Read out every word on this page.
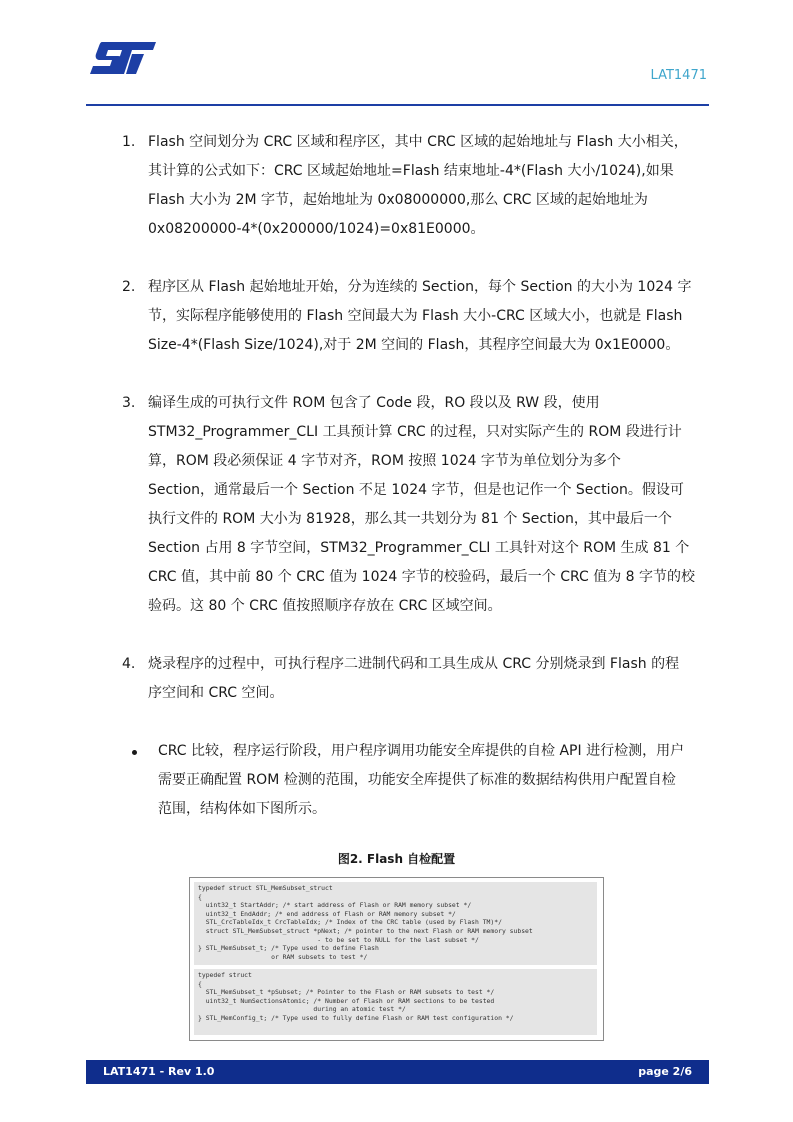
LAT1471
1. Flash 空间划分为 CRC 区域和程序区，其中 CRC 区域的起始地址与 Flash 大小相关，
其计算的公式如下：CRC 区域起始地址=Flash 结束地址-4*(Flash 大小/1024),如果
Flash 大小为 2M 字节，起始地址为 0x08000000,那么 CRC 区域的起始地址为
0x08200000-4*(0x200000/1024)=0x81E0000。
2. 程序区从 Flash 起始地址开始，分为连续的 Section，每个 Section 的大小为 1024 字
节，实际程序能够使用的 Flash 空间最大为 Flash 大小-CRC 区域大小，也就是 Flash
Size-4*(Flash Size/1024),对于 2M 空间的 Flash，其程序空间最大为 0x1E0000。
3. 编译生成的可执行文件 ROM 包含了 Code 段，RO 段以及 RW 段，使用
STM32_Programmer_CLI 工具预计算 CRC 的过程，只对实际产生的 ROM 段进行计
算，ROM 段必须保证 4 字节对齐，ROM 按照 1024 字节为单位划分为多个
Section，通常最后一个 Section 不足 1024 字节，但是也记作一个 Section。假设可
执行文件的 ROM 大小为 81928，那么其一共划分为 81 个 Section，其中最后一个
Section 占用 8 字节空间，STM32_Programmer_CLI 工具针对这个 ROM 生成 81 个
CRC 值，其中前 80 个 CRC 值为 1024 字节的校验码，最后一个 CRC 值为 8 字节的校
验码。这 80 个 CRC 值按照顺序存放在 CRC 区域空间。
4. 烧录程序的过程中，可执行程序二进制代码和工具生成从 CRC 分别烧录到 Flash 的程
序空间和 CRC 空间。
CRC 比较，程序运行阶段，用户程序调用功能安全库提供的自检 API 进行检测，用户
需要正确配置 ROM 检测的范围，功能安全库提供了标准的数据结构供用户配置自检
范围，结构体如下图所示。
图2. Flash 自检配置
typedef struct STL_MemSubset_struct
{
uint32_t StartAddr; /* start address of Flash or RAM memory subset */
uint32_t EndAddr; /* end address of Flash or RAM memory subset */
STL_CrcTableIdx_t CrcTableIdx; /* Index of the CRC table (used by Flash TM)*/
struct STL_MemSubset_struct *pNext; /* pointer to the next Flash or RAM memory subset
- to be set to NULL for the last subset */
} STL_MemSubset_t; /* Type used to define Flash
or RAM subsets to test */
typedef struct
{
STL_MemSubset_t *pSubset; /* Pointer to the Flash or RAM subsets to test */
uint32_t NumSectionsAtomic; /* Number of Flash or RAM sections to be tested
during an atomic test */
} STL_MemConfig_t; /* Type used to fully define Flash or RAM test configuration */
LAT1471 - Rev 1.0	page 2/6
